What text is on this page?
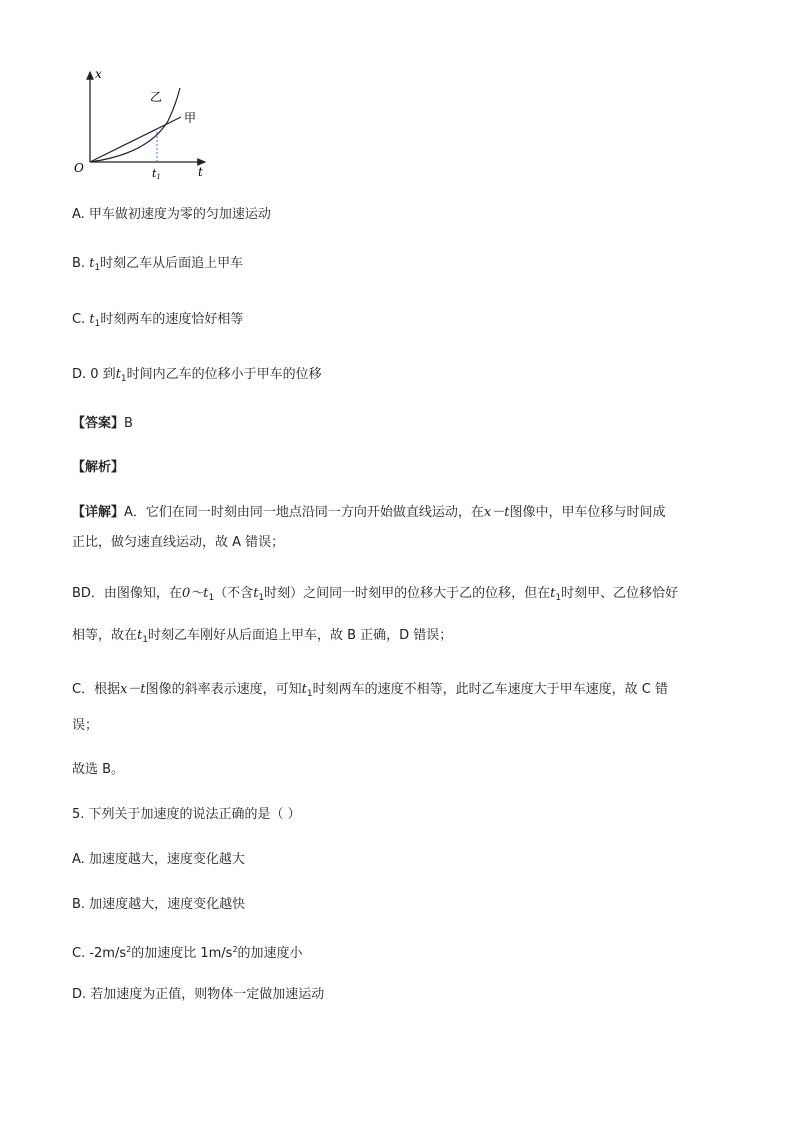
x
t
O	t1
乙
甲
A. 甲车做初速度为零的匀加速运动
B. $t_1$时刻乙车从后面追上甲车
C. $t_1$时刻两车的速度恰好相等
D. 0 到$t_1$时间内乙车的位移小于甲车的位移
【答案】B
【解析】
【详解】A．它们在同一时刻由同一地点沿同一方向开始做直线运动，在x－t图像中，甲车位移与时间成
正比，做匀速直线运动，故 A 错误；
BD．由图像知，在$0\sim t_1$（不含$t_1$时刻）之间同一时刻甲的位移大于乙的位移，但在$t_1$时刻甲、乙位移恰好
相等，故在$t_1$时刻乙车刚好从后面追上甲车，故 B 正确，D 错误；
C．根据x－t图像的斜率表示速度，可知$t_1$时刻两车的速度不相等，此时乙车速度大于甲车速度，故 C 错
误；
故选 B。
5. 下列关于加速度的说法正确的是（ ）
A. 加速度越大，速度变化越大
B. 加速度越大，速度变化越快
C. $-2m/s^2$的加速度比 $1m/s^2$的加速度小
D. 若加速度为正值，则物体一定做加速运动
